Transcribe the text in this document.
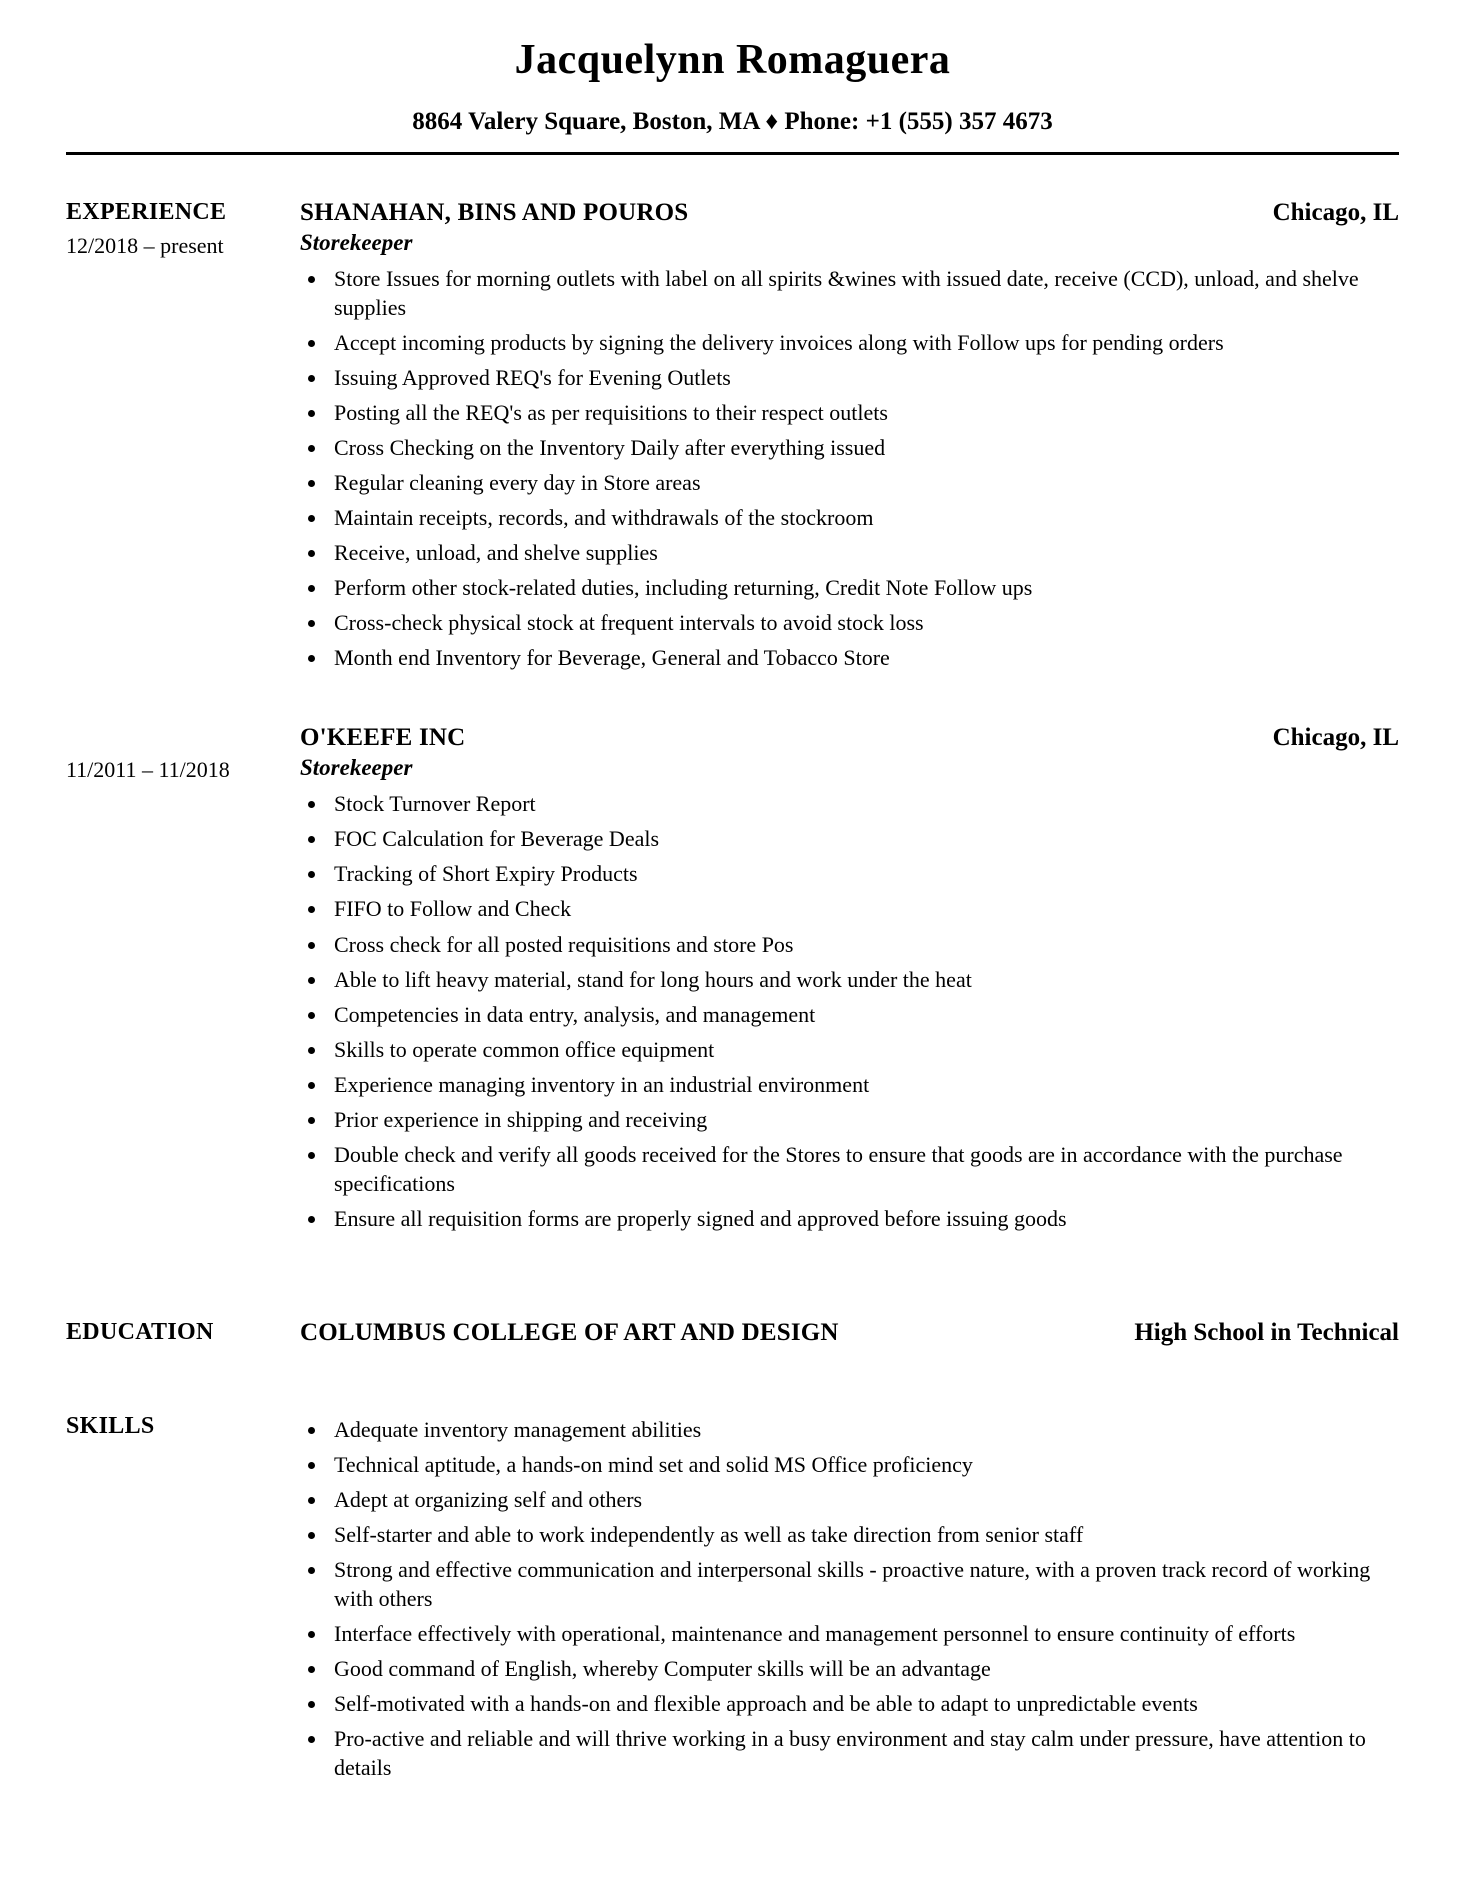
Jacquelynn Romaguera
8864 Valery Square, Boston, MA ♦ Phone: +1 (555) 357 4673
EXPERIENCE
12/2018 – present
SHANAHAN, BINS AND POUROS	Chicago, IL
Storekeeper
• Store Issues for morning outlets with label on all spirits &wines with issued date, receive (CCD), unload, and shelve supplies
• Accept incoming products by signing the delivery invoices along with Follow ups for pending orders
• Issuing Approved REQ's for Evening Outlets
• Posting all the REQ's as per requisitions to their respect outlets
• Cross Checking on the Inventory Daily after everything issued
• Regular cleaning every day in Store areas
• Maintain receipts, records, and withdrawals of the stockroom
• Receive, unload, and shelve supplies
• Perform other stock-related duties, including returning, Credit Note Follow ups
• Cross-check physical stock at frequent intervals to avoid stock loss
• Month end Inventory for Beverage, General and Tobacco Store
11/2011 – 11/2018
O'KEEFE INC	Chicago, IL
Storekeeper
• Stock Turnover Report
• FOC Calculation for Beverage Deals
• Tracking of Short Expiry Products
• FIFO to Follow and Check
• Cross check for all posted requisitions and store Pos
• Able to lift heavy material, stand for long hours and work under the heat
• Competencies in data entry, analysis, and management
• Skills to operate common office equipment
• Experience managing inventory in an industrial environment
• Prior experience in shipping and receiving
• Double check and verify all goods received for the Stores to ensure that goods are in accordance with the purchase specifications
• Ensure all requisition forms are properly signed and approved before issuing goods
EDUCATION	COLUMBUS COLLEGE OF ART AND DESIGN	High School in Technical
SKILLS	• Adequate inventory management abilities
• Technical aptitude, a hands-on mind set and solid MS Office proficiency
• Adept at organizing self and others
• Self-starter and able to work independently as well as take direction from senior staff
• Strong and effective communication and interpersonal skills - proactive nature, with a proven track record of working with others
• Interface effectively with operational, maintenance and management personnel to ensure continuity of efforts
• Good command of English, whereby Computer skills will be an advantage
• Self-motivated with a hands-on and flexible approach and be able to adapt to unpredictable events
• Pro-active and reliable and will thrive working in a busy environment and stay calm under pressure, have attention to details
